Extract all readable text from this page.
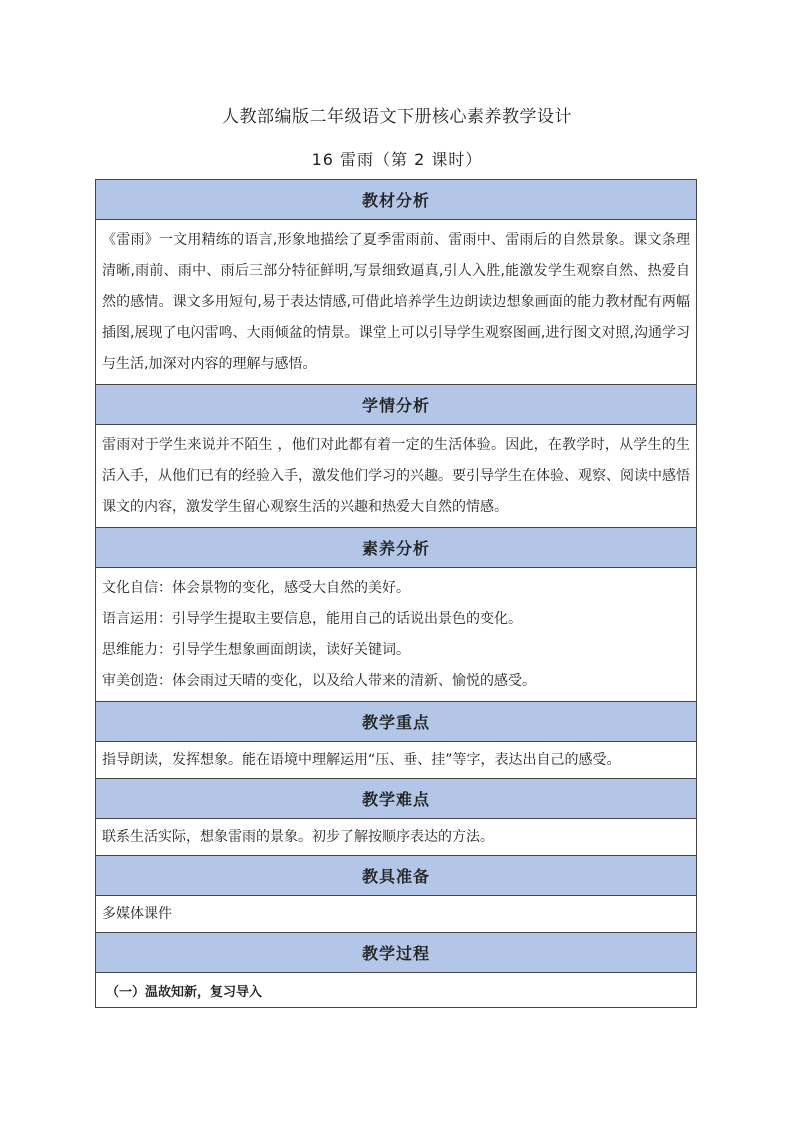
人教部编版二年级语文下册核心素养教学设计
16 雷雨（第 2 课时）
教材分析

《雷雨》一文用精练的语言,形象地描绘了夏季雷雨前、雷雨中、雷雨后的自然景象。课文条理清晰,雨前、雨中、雨后三部分特征鲜明,写景细致逼真,引人入胜,能激发学生观察自然、热爱自然的感情。课文多用短句,易于表达情感,可借此培养学生边朗读边想象画面的能力教材配有两幅插图,展现了电闪雷鸣、大雨倾盆的情景。课堂上可以引导学生观察图画,进行图文对照,沟通学习与生活,加深对内容的理解与感悟。

学情分析

雷雨对于学生来说并不陌生 ，他们对此都有着一定的生活体验。因此，在教学时，从学生的生活入手，从他们已有的经验入手，激发他们学习的兴趣。要引导学生在体验、观察、阅读中感悟课文的内容，激发学生留心观察生活的兴趣和热爱大自然的情感。

素养分析

文化自信：体会景物的变化，感受大自然的美好。

语言运用：引导学生提取主要信息，能用自己的话说出景色的变化。

思维能力：引导学生想象画面朗读，读好关键词。

审美创造：体会雨过天晴的变化，以及给人带来的清新、愉悦的感受。

教学重点
指导朗读，发挥想象。能在语境中理解运用“压、垂、挂”等字，表达出自己的感受。
教学难点
联系生活实际，想象雷雨的景象。初步了解按顺序表达的方法。
教具准备
多媒体课件
教学过程
（一）温故知新，复习导入
